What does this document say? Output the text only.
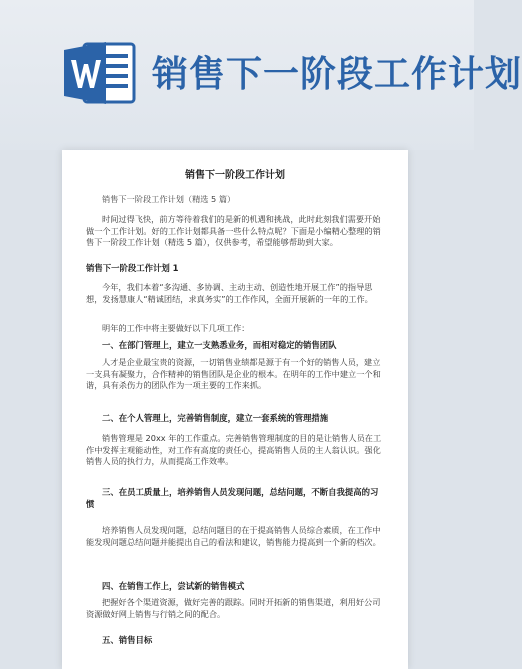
销售下一阶段工作计划
销售下一阶段工作计划

销售下一阶段工作计划（精选 5 篇）

时间过得飞快，前方等待着我们的是新的机遇和挑战，此时此刻我们需要开始做一个工作计划。好的工作计划都具备一些什么特点呢？下面是小编精心整理的销售下一阶段工作计划（精选 5 篇），仅供参考，希望能够帮助到大家。

销售下一阶段工作计划 1

今年，我们本着“多沟通、多协调、主动主动、创造性地开展工作”的指导思想，发扬慧康人“精诚团结，求真务实”的工作作风，全面开展新的一年的工作。

明年的工作中将主要做好以下几项工作：

一、在部门管理上，建立一支熟悉业务，而相对稳定的销售团队

人才是企业最宝贵的资源，一切销售业绩都是源于有一个好的销售人员，建立一支具有凝聚力，合作精神的销售团队是企业的根本。在明年的工作中建立一个和谐，具有杀伤力的团队作为一项主要的工作来抓。

二、在个人管理上，完善销售制度，建立一套系统的管理措施

销售管理是 20xx 年的工作重点。完善销售管理制度的目的是让销售人员在工作中发挥主观能动性，对工作有高度的责任心，提高销售人员的主人翁认识。强化销售人员的执行力，从而提高工作效率。

三、在员工质量上，培养销售人员发现问题，总结问题，不断自我提高的习惯

培养销售人员发现问题，总结问题目的在于提高销售人员综合素质，在工作中能发现问题总结问题并能提出自己的看法和建议，销售能力提高到一个新的档次。

四、在销售工作上，尝试新的销售模式

把握好各个渠道资源，做好完善的跟踪。同时开拓新的销售渠道，利用好公司资源做好网上销售与行销之间的配合。

五、销售目标
